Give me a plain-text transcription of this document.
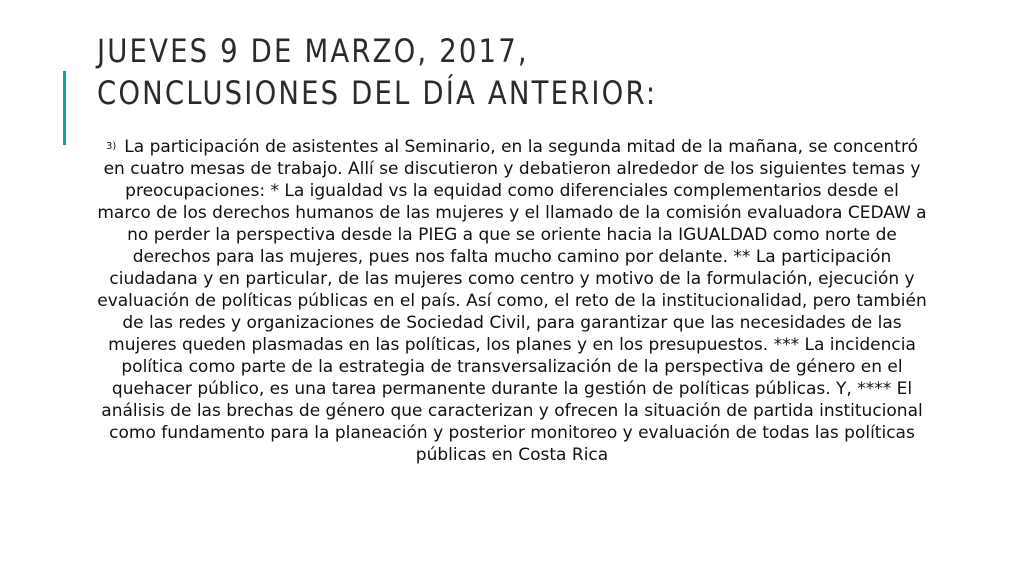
JUEVES 9 DE MARZO, 2017,
CONCLUSIONES DEL DÍA ANTERIOR:

3) La participación de asistentes al Seminario, en la segunda mitad de la mañana, se concentró en cuatro mesas de trabajo. Allí se discutieron y debatieron alrededor de los siguientes temas y preocupaciones: * La igualdad vs la equidad como diferenciales complementarios desde el marco de los derechos humanos de las mujeres y el llamado de la comisión evaluadora CEDAW a no perder la perspectiva desde la PIEG a que se oriente hacia la IGUALDAD como norte de derechos para las mujeres, pues nos falta mucho camino por delante. ** La participación ciudadana y en particular, de las mujeres como centro y motivo de la formulación, ejecución y evaluación de políticas públicas en el país. Así como, el reto de la institucionalidad, pero también de las redes y organizaciones de Sociedad Civil, para garantizar que las necesidades de las mujeres queden plasmadas en las políticas, los planes y en los presupuestos. *** La incidencia política como parte de la estrategia de transversalización de la perspectiva de género en el quehacer público, es una tarea permanente durante la gestión de políticas públicas. Y, **** El análisis de las brechas de género que caracterizan y ofrecen la situación de partida institucional como fundamento para la planeación y posterior monitoreo y evaluación de todas las políticas públicas en Costa Rica
